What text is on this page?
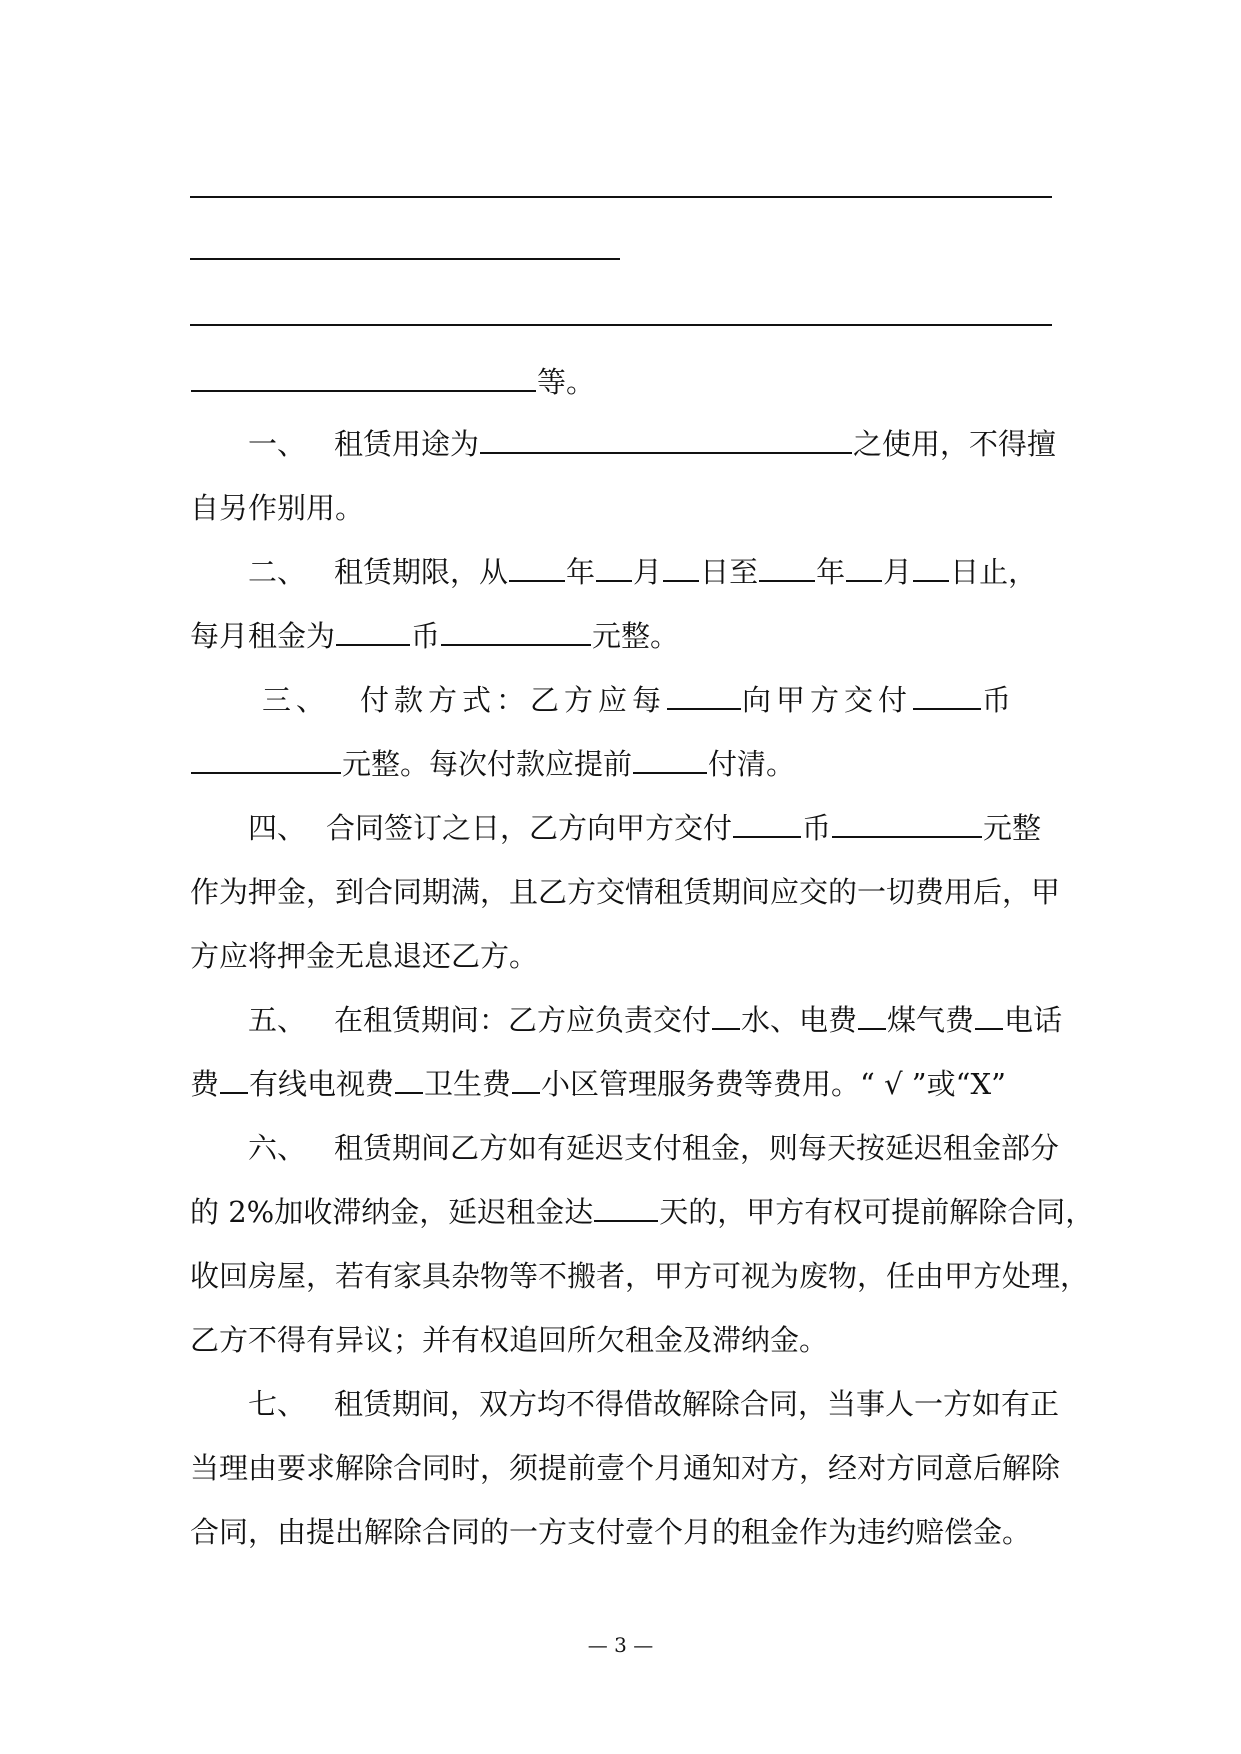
等。
一、 租赁用途为	之使用，不得擅
自另作别用。
二、 租赁期限，从 年 月 日至 年 月 日止，
每月租金为	币	元整。
三、 付款方式：乙方应每	向甲方交付 币
元整。每次付款应提前	付清。
四、 合同签订之日，乙方向甲方交付 币	元整
作为押金，到合同期满，且乙方交情租赁期间应交的一切费用后，甲
方应将押金无息退还乙方。
五、 在租赁期间：乙方应负责交付 水、电费 煤气费 电话
费 有线电视费 卫生费 小区管理服务费等费用。“ √ ”或“X”
六、 租赁期间乙方如有延迟支付租金，则每天按延迟租金部分
的 2%加收滞纳金，延迟租金达 天的，甲方有权可提前解除合同，
收回房屋，若有家具杂物等不搬者，甲方可视为废物，任由甲方处理，
乙方不得有异议；并有权追回所欠租金及滞纳金。
七、 租赁期间，双方均不得借故解除合同，当事人一方如有正
当理由要求解除合同时，须提前壹个月通知对方，经对方同意后解除
合同，由提出解除合同的一方支付壹个月的租金作为违约赔偿金。
— 3 —
